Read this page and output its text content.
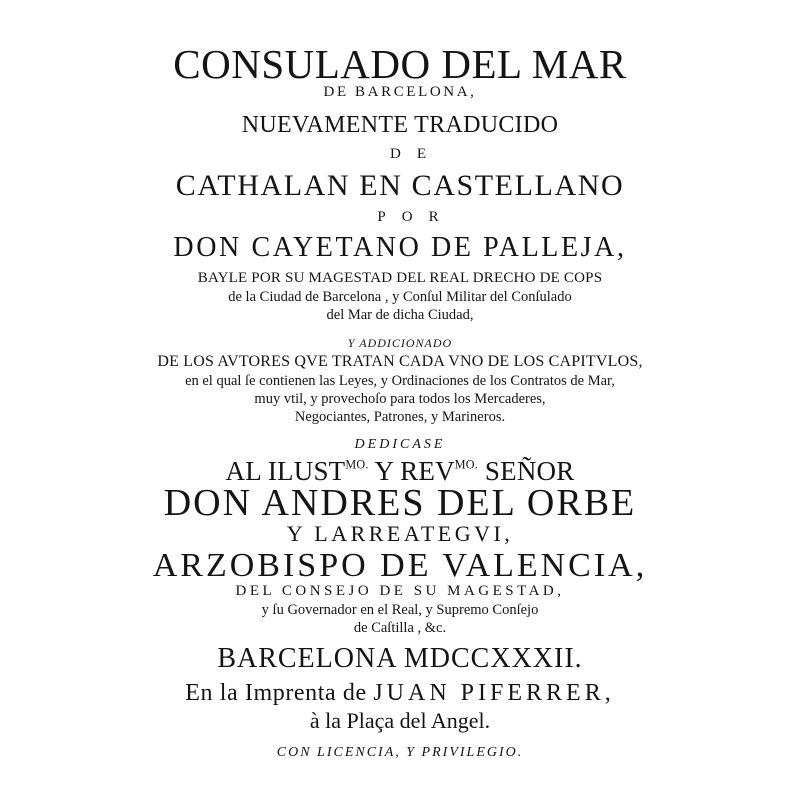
CONSULADO DEL MAR
DE BARCELONA,
NUEVAMENTE TRADUCIDO
DE
CATHALAN EN CASTELLANO
POR
DON CAYETANO DE PALLEJA,
BAYLE POR SU MAGESTAD DEL REAL DRECHO DE COPS
de la Ciudad de Barcelona , y Conſul Militar del Conſulado
del Mar de dicha Ciudad,
Y ADDICIONADO
DE LOS AVTORES QVE TRATAN CADA VNO DE LOS CAPITVLOS,
en el qual ſe contienen las Leyes, y Ordinaciones de los Contratos de Mar,
muy vtil, y provechoſo para todos los Mercaderes,
Negociantes, Patrones, y Marineros.
DEDICASE
AL $ILUST^{MO.}$ Y $REV^{MO.}$ SEÑOR
DON ANDRES DEL ORBE
Y LARREATEGVI,
ARZOBISPO DE VALENCIA,
DEL CONSEJO DE SU MAGESTAD,
y ſu Governador en el Real, y Supremo Conſejo
de Caſtilla , &c.
BARCELONA MDCCXXXII.
En la Imprenta de JUAN PIFERRER,
à la Plaça del Angel.
CON LICENCIA, Y PRIVILEGIO.
